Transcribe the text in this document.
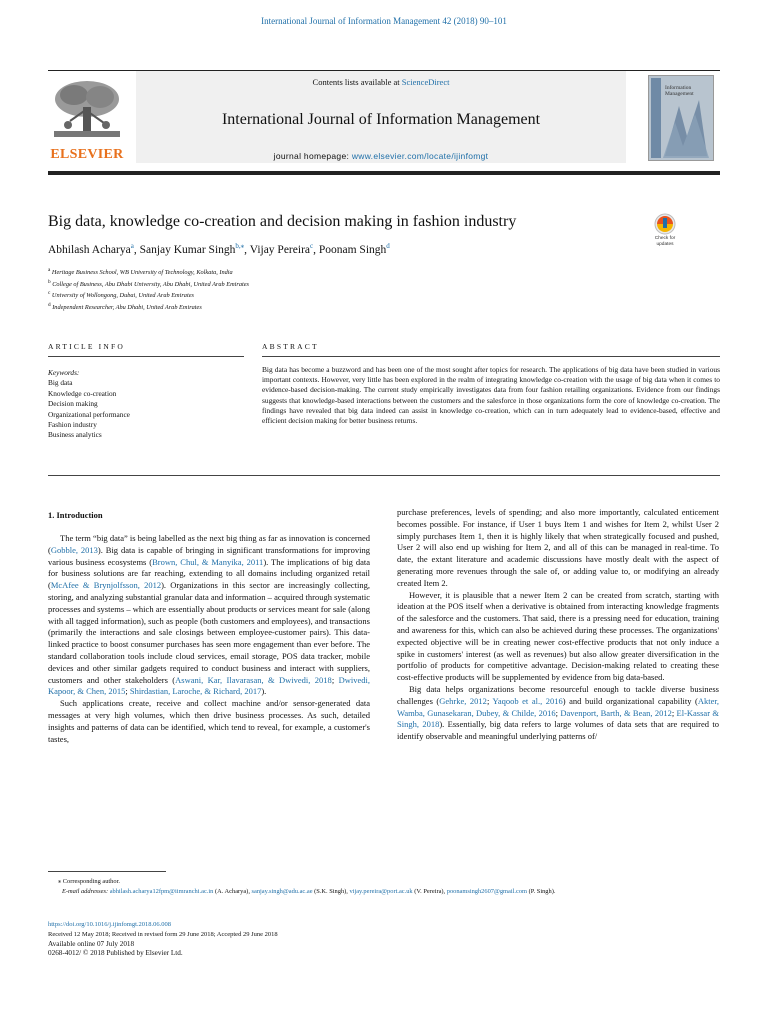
International Journal of Information Management 42 (2018) 90–101
ELSEVIER
Contents lists available at ScienceDirect
International Journal of Information Management
journal homepage: www.elsevier.com/locate/ijinfomgt
Information
Management
Big data, knowledge co-creation and decision making in fashion industry
Check for updates
Abhilash Acharya$^a$, Sanjay Kumar Singh$^{b,⁎}$, Vijay Pereira$^c$, Poonam Singh$^d$
$^a$ Heritage Business School, WB University of Technology, Kolkata, India
$^b$ College of Business, Abu Dhabi University, Abu Dhabi, United Arab Emirates
$^c$ University of Wollongong, Dubai, United Arab Emirates
$^d$ Independent Researcher, Abu Dhabi, United Arab Emirates
ARTICLE INFO	ABSTRACT
Keywords:
Big data
Knowledge co-creation
Decision making
Organizational performance
Fashion industry
Business analytics
Big data has become a buzzword and has been one of the most sought after topics for research. The applications of big data have been studied in various important contexts. However, very little has been explored in the realm of integrating knowledge co-creation with the usage of big data when it comes to evidence-based decision-making. The current study empirically investigates data from four fashion retailing organizations. Evidence from our findings suggests that knowledge-based interactions between the customers and the salesforce in those organizations form the core of knowledge co-creation. The findings have revealed that big data indeed can assist in knowledge co-creation, which can in turn adequately lead to evidence-based, effective and efficient decision making for better business returns.
1. Introduction

The term “big data” is being labelled as the next big thing as far as innovation is concerned (Gobble, 2013). Big data is capable of bringing in significant transformations for improving various business ecosystems (Brown, Chul, & Manyika, 2011). The implications of big data for business solutions are far reaching, extending to all domains including organized retail (McAfee & Brynjolfsson, 2012). Organizations in this sector are increasingly collecting, storing, and analyzing substantial granular data and information – acquired through systematic processes and systems – which are essentially about products or services meant for sale (along with all tagged information), such as people (both customers and employees), and transactions (primarily the interactions and sale closings between employee-customer pairs). This data-linked practice to boost consumer purchases has seen more engagement than ever before. The standard collaboration tools include cloud services, email storage, POS data tracker, mobile devices and other similar gadgets required to conduct business and interact with suppliers, customers and other stakeholders (Aswani, Kar, Ilavarasan, & Dwivedi, 2018; Dwivedi, Kapoor, & Chen, 2015; Shirdastian, Laroche, & Richard, 2017).

Such applications create, receive and collect machine and/or sensor-generated data messages at very high volumes, which then drive business processes. As such, detailed insights and patterns of data can be identified, which tend to reveal, for example, a customer's tastes,

purchase preferences, levels of spending; and also more importantly, calculated enticement becomes possible. For instance, if User 1 buys Item 1 and wishes for Item 2, whilst User 2 simply purchases Item 1, then it is highly likely that when strategically focused and pushed, User 2 will also end up wishing for Item 2, and all of this can be managed in real-time. To date, the extant literature and academic discussions have mostly dealt with the aspect of generating more revenues through the sale of, or adding value to, or modifying an already created Item 2.

However, it is plausible that a newer Item 2 can be created from scratch, starting with ideation at the POS itself when a derivative is obtained from interacting knowledge fragments of the salesforce and the customers. That said, there is a pressing need for education, training and awareness for this, which can also be achieved during these processes. The organizations' expected objective will be in creating newer cost-effective products that not only induce a spike in customers' interest (as well as revenues) but also allow greater diversification in the portfolio of products for competitive advantage. Decision-making related to creating these cost-effective products will be supplemented by evidence from big data-based.

Big data helps organizations become resourceful enough to tackle diverse business challenges (Gehrke, 2012; Yaqoob et al., 2016) and build organizational capability (Akter, Wamba, Gunasekaran, Dubey, & Childe, 2016; Davenport, Barth, & Bean, 2012; El-Kassar & Singh, 2018). Essentially, big data refers to large volumes of data sets that are required to identify observable and meaningful underlying patterns of/

⁎ Corresponding author.
E-mail addresses: abhilash.acharya12fpm@iimranchi.ac.in (A. Acharya), sanjay.singh@adu.ac.ae (S.K. Singh), vijay.pereira@port.ac.uk (V. Pereira), poonamsingh2607@gmail.com (P. Singh).
https://doi.org/10.1016/j.ijinfomgt.2018.06.008
Received 12 May 2018; Received in revised form 29 June 2018; Accepted 29 June 2018
Available online 07 July 2018
0268-4012/ © 2018 Published by Elsevier Ltd.
